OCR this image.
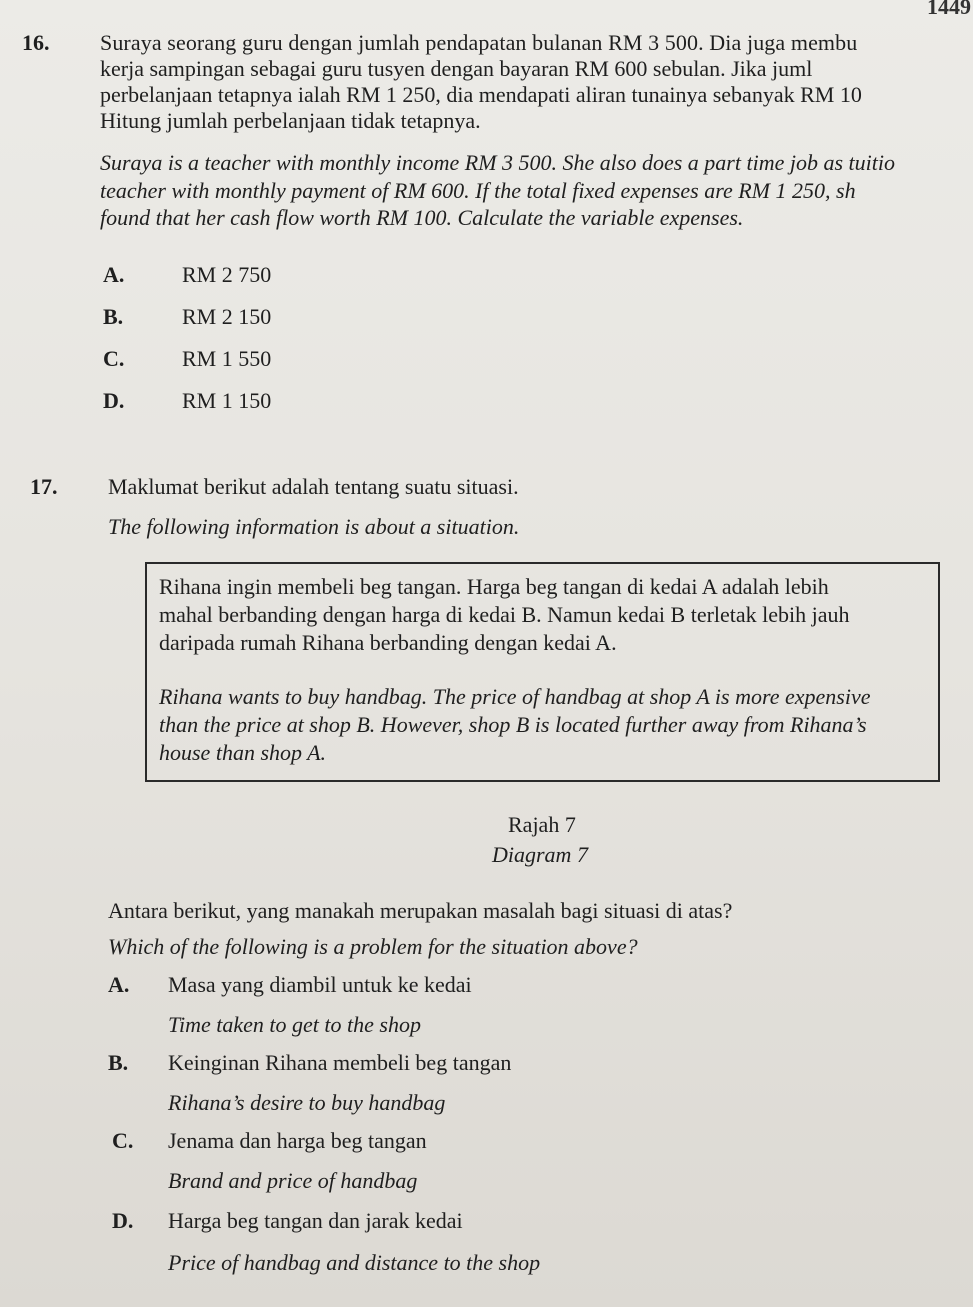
1449
16. Suraya seorang guru dengan jumlah pendapatan bulanan RM 3 500. Dia juga membu
kerja sampingan sebagai guru tusyen dengan bayaran RM 600 sebulan. Jika juml
perbelanjaan tetapnya ialah RM 1 250, dia mendapati aliran tunainya sebanyak RM 10
Hitung jumlah perbelanjaan tidak tetapnya.
Suraya is a teacher with monthly income RM 3 500. She also does a part time job as tuitio
teacher with monthly payment of RM 600. If the total fixed expenses are RM 1 250, sh
found that her cash flow worth RM 100. Calculate the variable expenses.
A.	RM 2 750
B.	RM 2 150
C.	RM 1 550
D.	RM 1 150
17. Maklumat berikut adalah tentang suatu situasi.
The following information is about a situation.
Rihana ingin membeli beg tangan. Harga beg tangan di kedai A adalah lebih
mahal berbanding dengan harga di kedai B. Namun kedai B terletak lebih jauh
daripada rumah Rihana berbanding dengan kedai A.
Rihana wants to buy handbag. The price of handbag at shop A is more expensive
than the price at shop B. However, shop B is located further away from Rihana’s
house than shop A.
Rajah 7
Diagram 7
Antara berikut, yang manakah merupakan masalah bagi situasi di atas?
Which of the following is a problem for the situation above?
A. Masa yang diambil untuk ke kedai
Time taken to get to the shop
B. Keinginan Rihana membeli beg tangan
Rihana’s desire to buy handbag
C. Jenama dan harga beg tangan
Brand and price of handbag
D. Harga beg tangan dan jarak kedai
Price of handbag and distance to the shop
